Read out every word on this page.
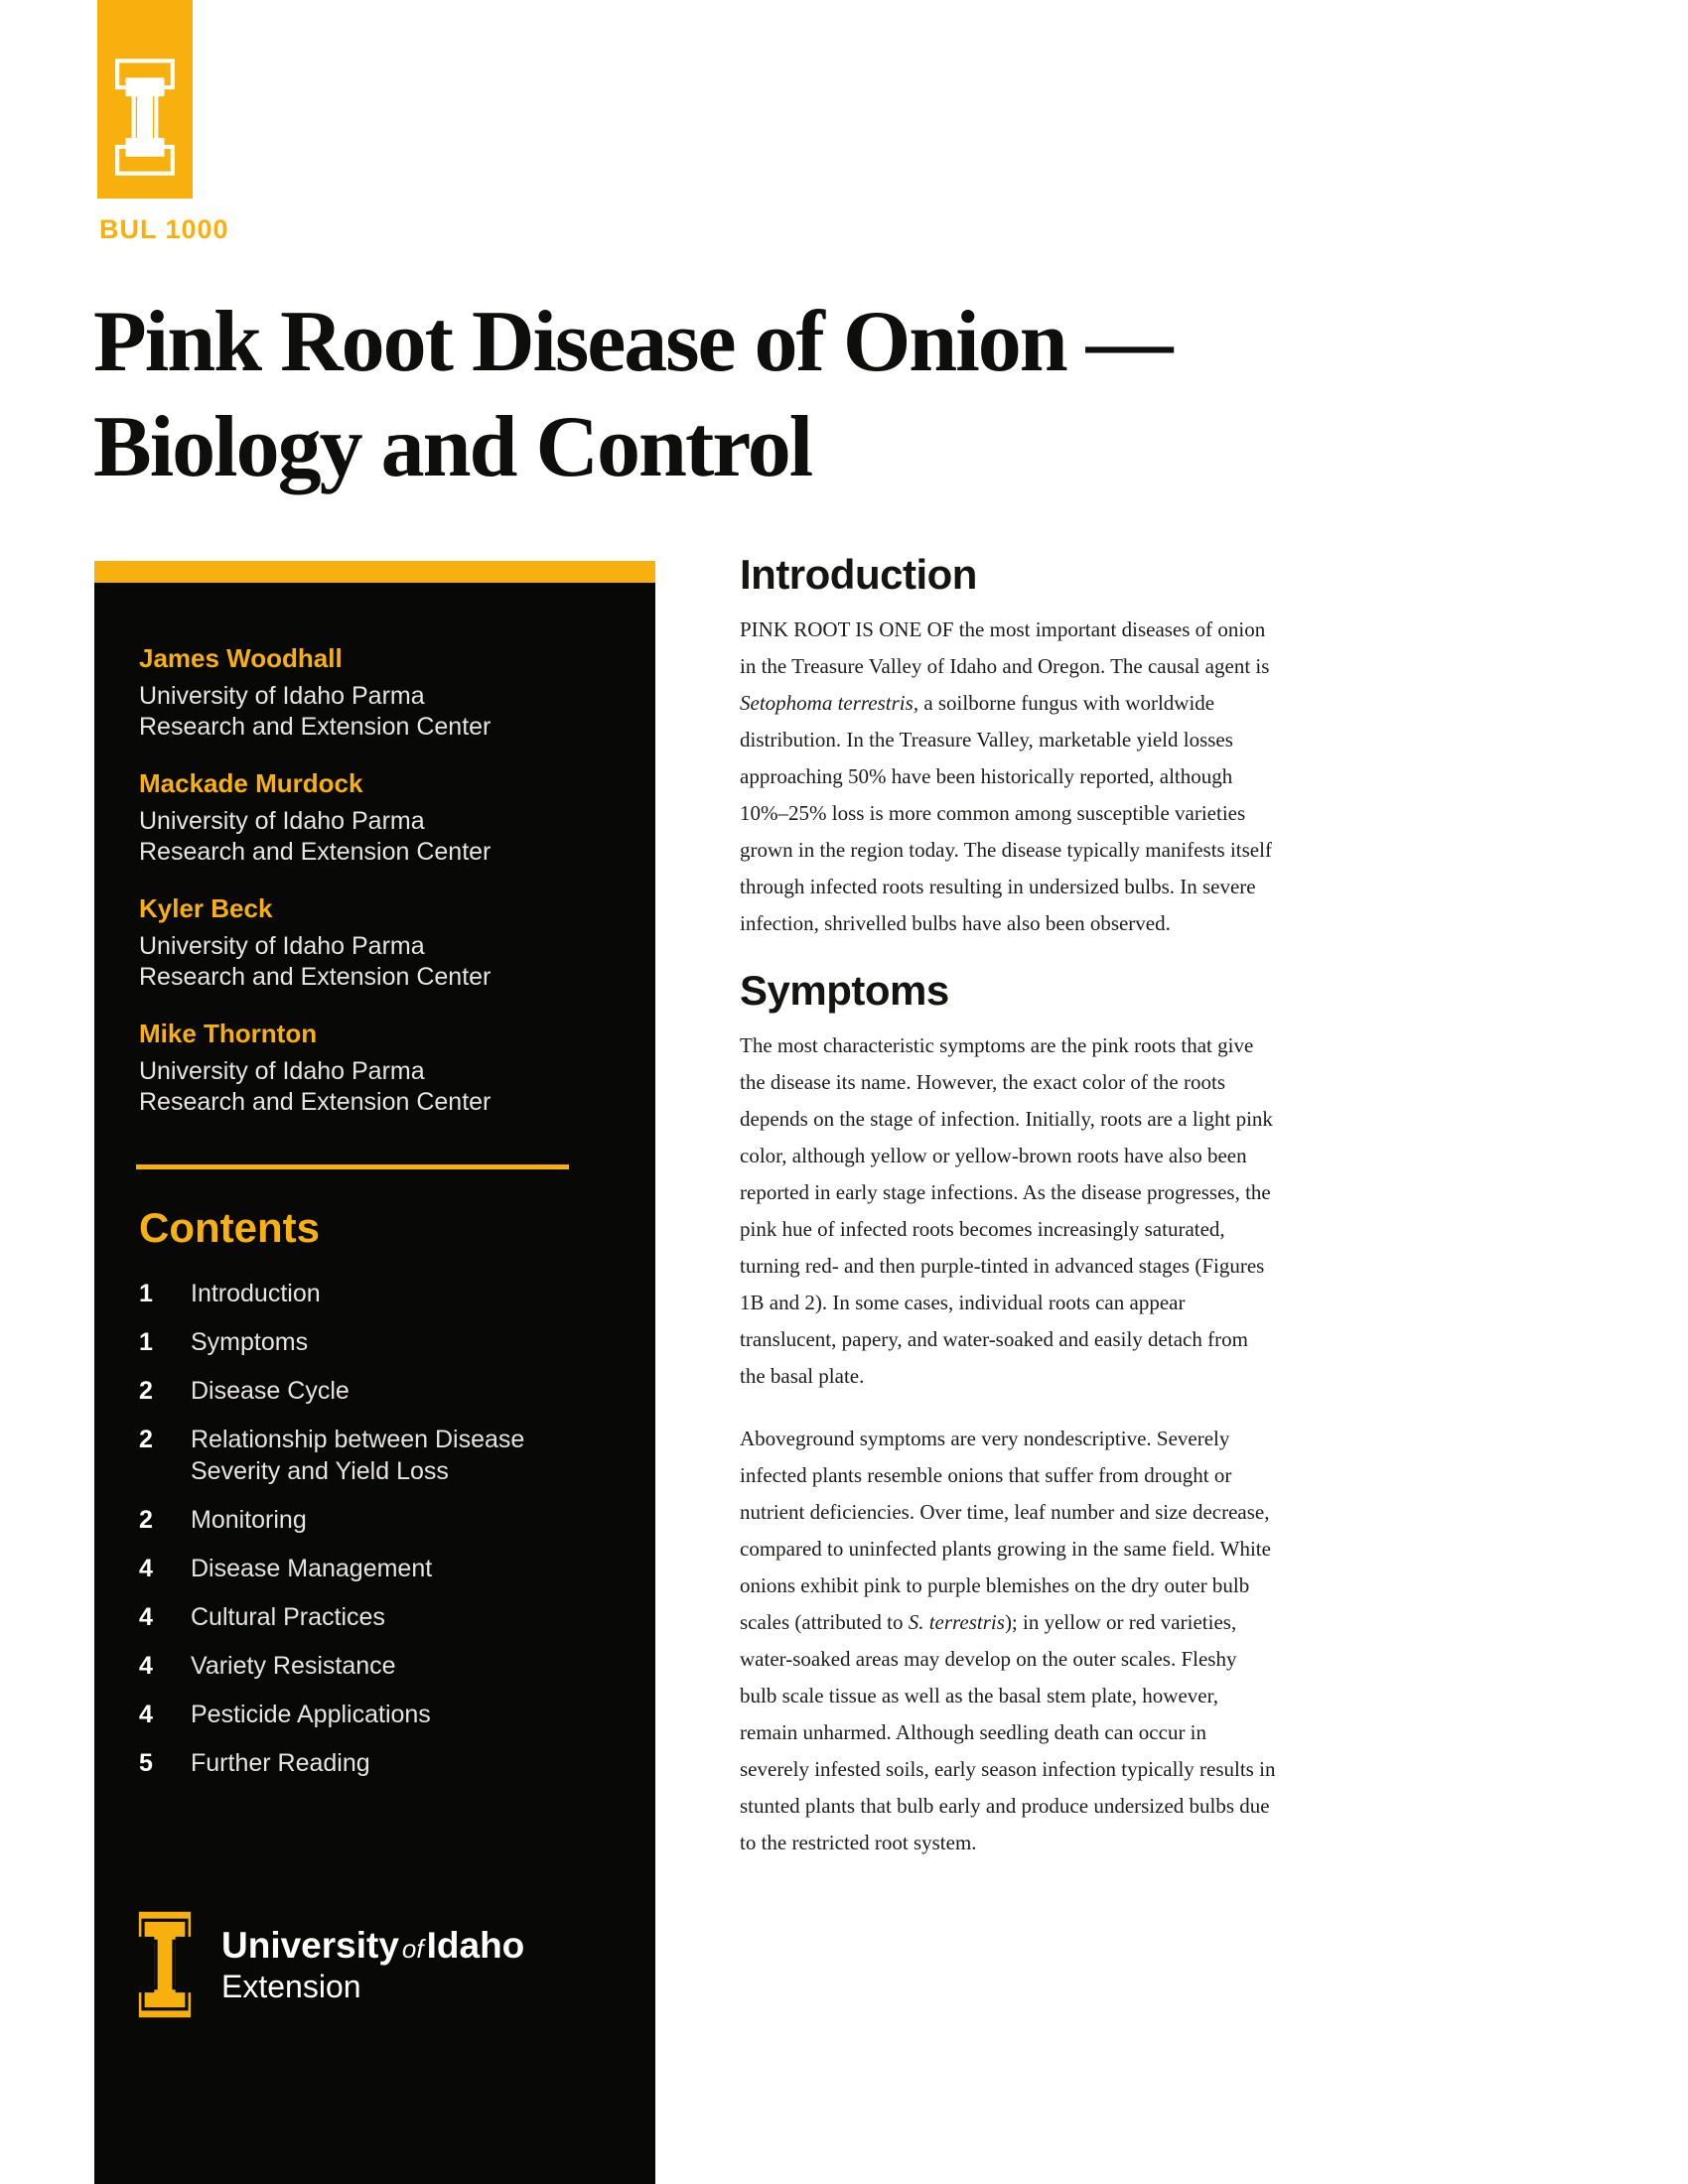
BUL 1000
Pink Root Disease of Onion —
Biology and Control
James Woodhall
University of Idaho Parma Research and Extension Center
Mackade Murdock
University of Idaho Parma Research and Extension Center
Kyler Beck
University of Idaho Parma Research and Extension Center
Mike Thornton
University of Idaho Parma Research and Extension Center
Contents
1	Introduction
1	Symptoms
2	Disease Cycle
2	Relationship between Disease Severity and Yield Loss
2	Monitoring
4	Disease Management
4	Cultural Practices
4	Variety Resistance
4	Pesticide Applications
5	Further Reading
University ofIdaho
Extension
Introduction

PINK ROOT IS ONE OF the most important diseases of onion in the Treasure Valley of Idaho and Oregon. The causal agent is Setophoma terrestris, a soilborne fungus with worldwide distribution. In the Treasure Valley, marketable yield losses approaching 50% have been historically reported, although 10%–25% loss is more common among susceptible varieties grown in the region today. The disease typically manifests itself through infected roots resulting in undersized bulbs. In severe infection, shrivelled bulbs have also been observed.

Symptoms

The most characteristic symptoms are the pink roots that give the disease its name. However, the exact color of the roots depends on the stage of infection. Initially, roots are a light pink color, although yellow or yellow-brown roots have also been reported in early stage infections. As the disease progresses, the pink hue of infected roots becomes increasingly saturated, turning red- and then purple-tinted in advanced stages (Figures 1B and 2). In some cases, individual roots can appear translucent, papery, and water-soaked and easily detach from the basal plate.

Aboveground symptoms are very nondescriptive. Severely infected plants resemble onions that suffer from drought or nutrient deficiencies. Over time, leaf number and size decrease, compared to uninfected plants growing in the same field. White onions exhibit pink to purple blemishes on the dry outer bulb scales (attributed to S. terrestris); in yellow or red varieties, water-soaked areas may develop on the outer scales. Fleshy bulb scale tissue as well as the basal stem plate, however, remain unharmed. Although seedling death can occur in severely infested soils, early season infection typically results in stunted plants that bulb early and produce undersized bulbs due to the restricted root system.
